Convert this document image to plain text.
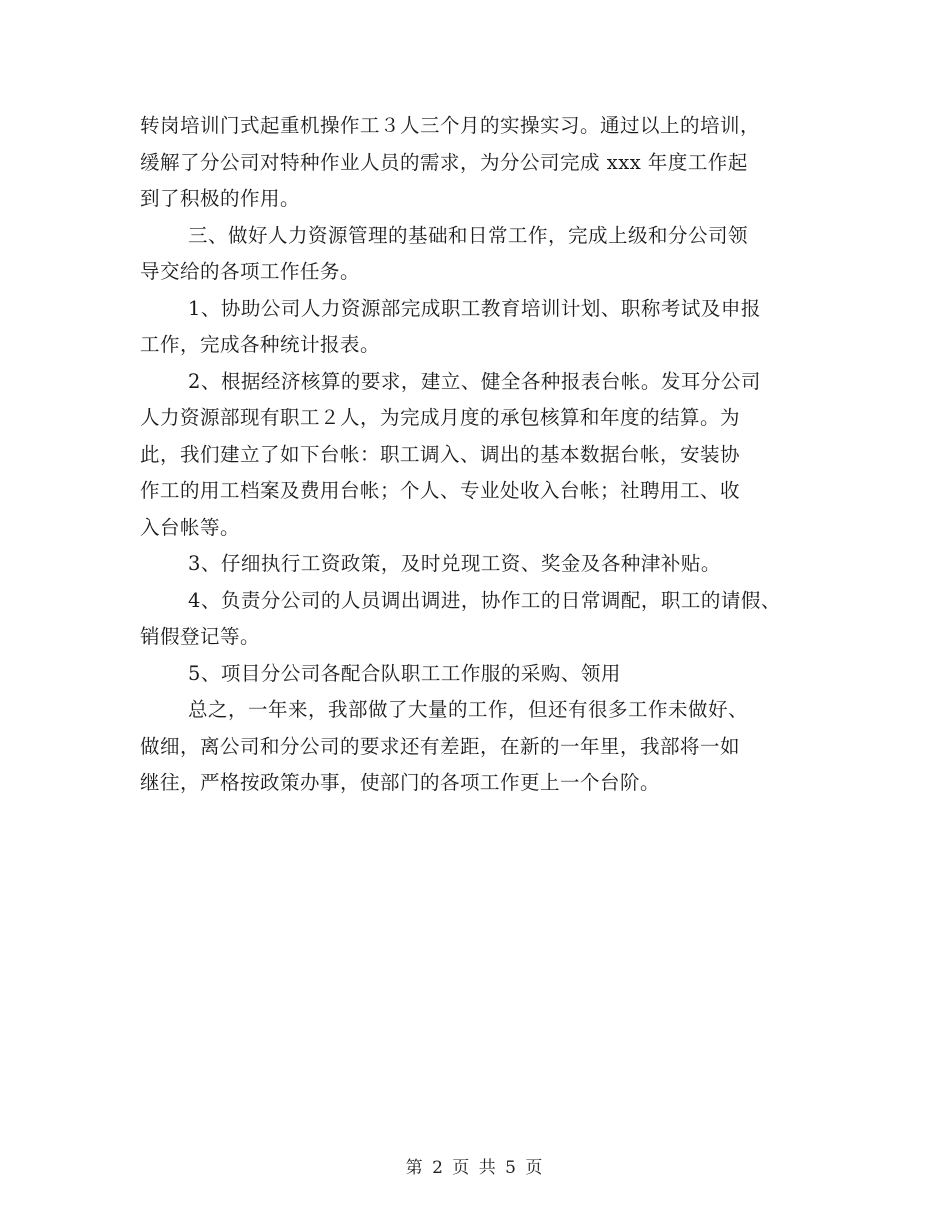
转岗培训门式起重机操作工３人三个月的实操实习。通过以上的培训，
缓解了分公司对特种作业人员的需求，为分公司完成 xxx 年度工作起
到了积极的作用。
三、做好人力资源管理的基础和日常工作，完成上级和分公司领
导交给的各项工作任务。
1、协助公司人力资源部完成职工教育培训计划、职称考试及申报
工作，完成各种统计报表。
2、根据经济核算的要求，建立、健全各种报表台帐。发耳分公司
人力资源部现有职工２人，为完成月度的承包核算和年度的结算。为
此，我们建立了如下台帐：职工调入、调出的基本数据台帐，安装协
作工的用工档案及费用台帐；个人、专业处收入台帐；社聘用工、收
入台帐等。
3、仔细执行工资政策，及时兑现工资、奖金及各种津补贴。
4、负责分公司的人员调出调进，协作工的日常调配，职工的请假、
销假登记等。
5、项目分公司各配合队职工工作服的采购、领用
总之，一年来，我部做了大量的工作，但还有很多工作未做好、
做细，离公司和分公司的要求还有差距，在新的一年里，我部将一如
继往，严格按政策办事，使部门的各项工作更上一个台阶。
第 2 页 共 5 页
